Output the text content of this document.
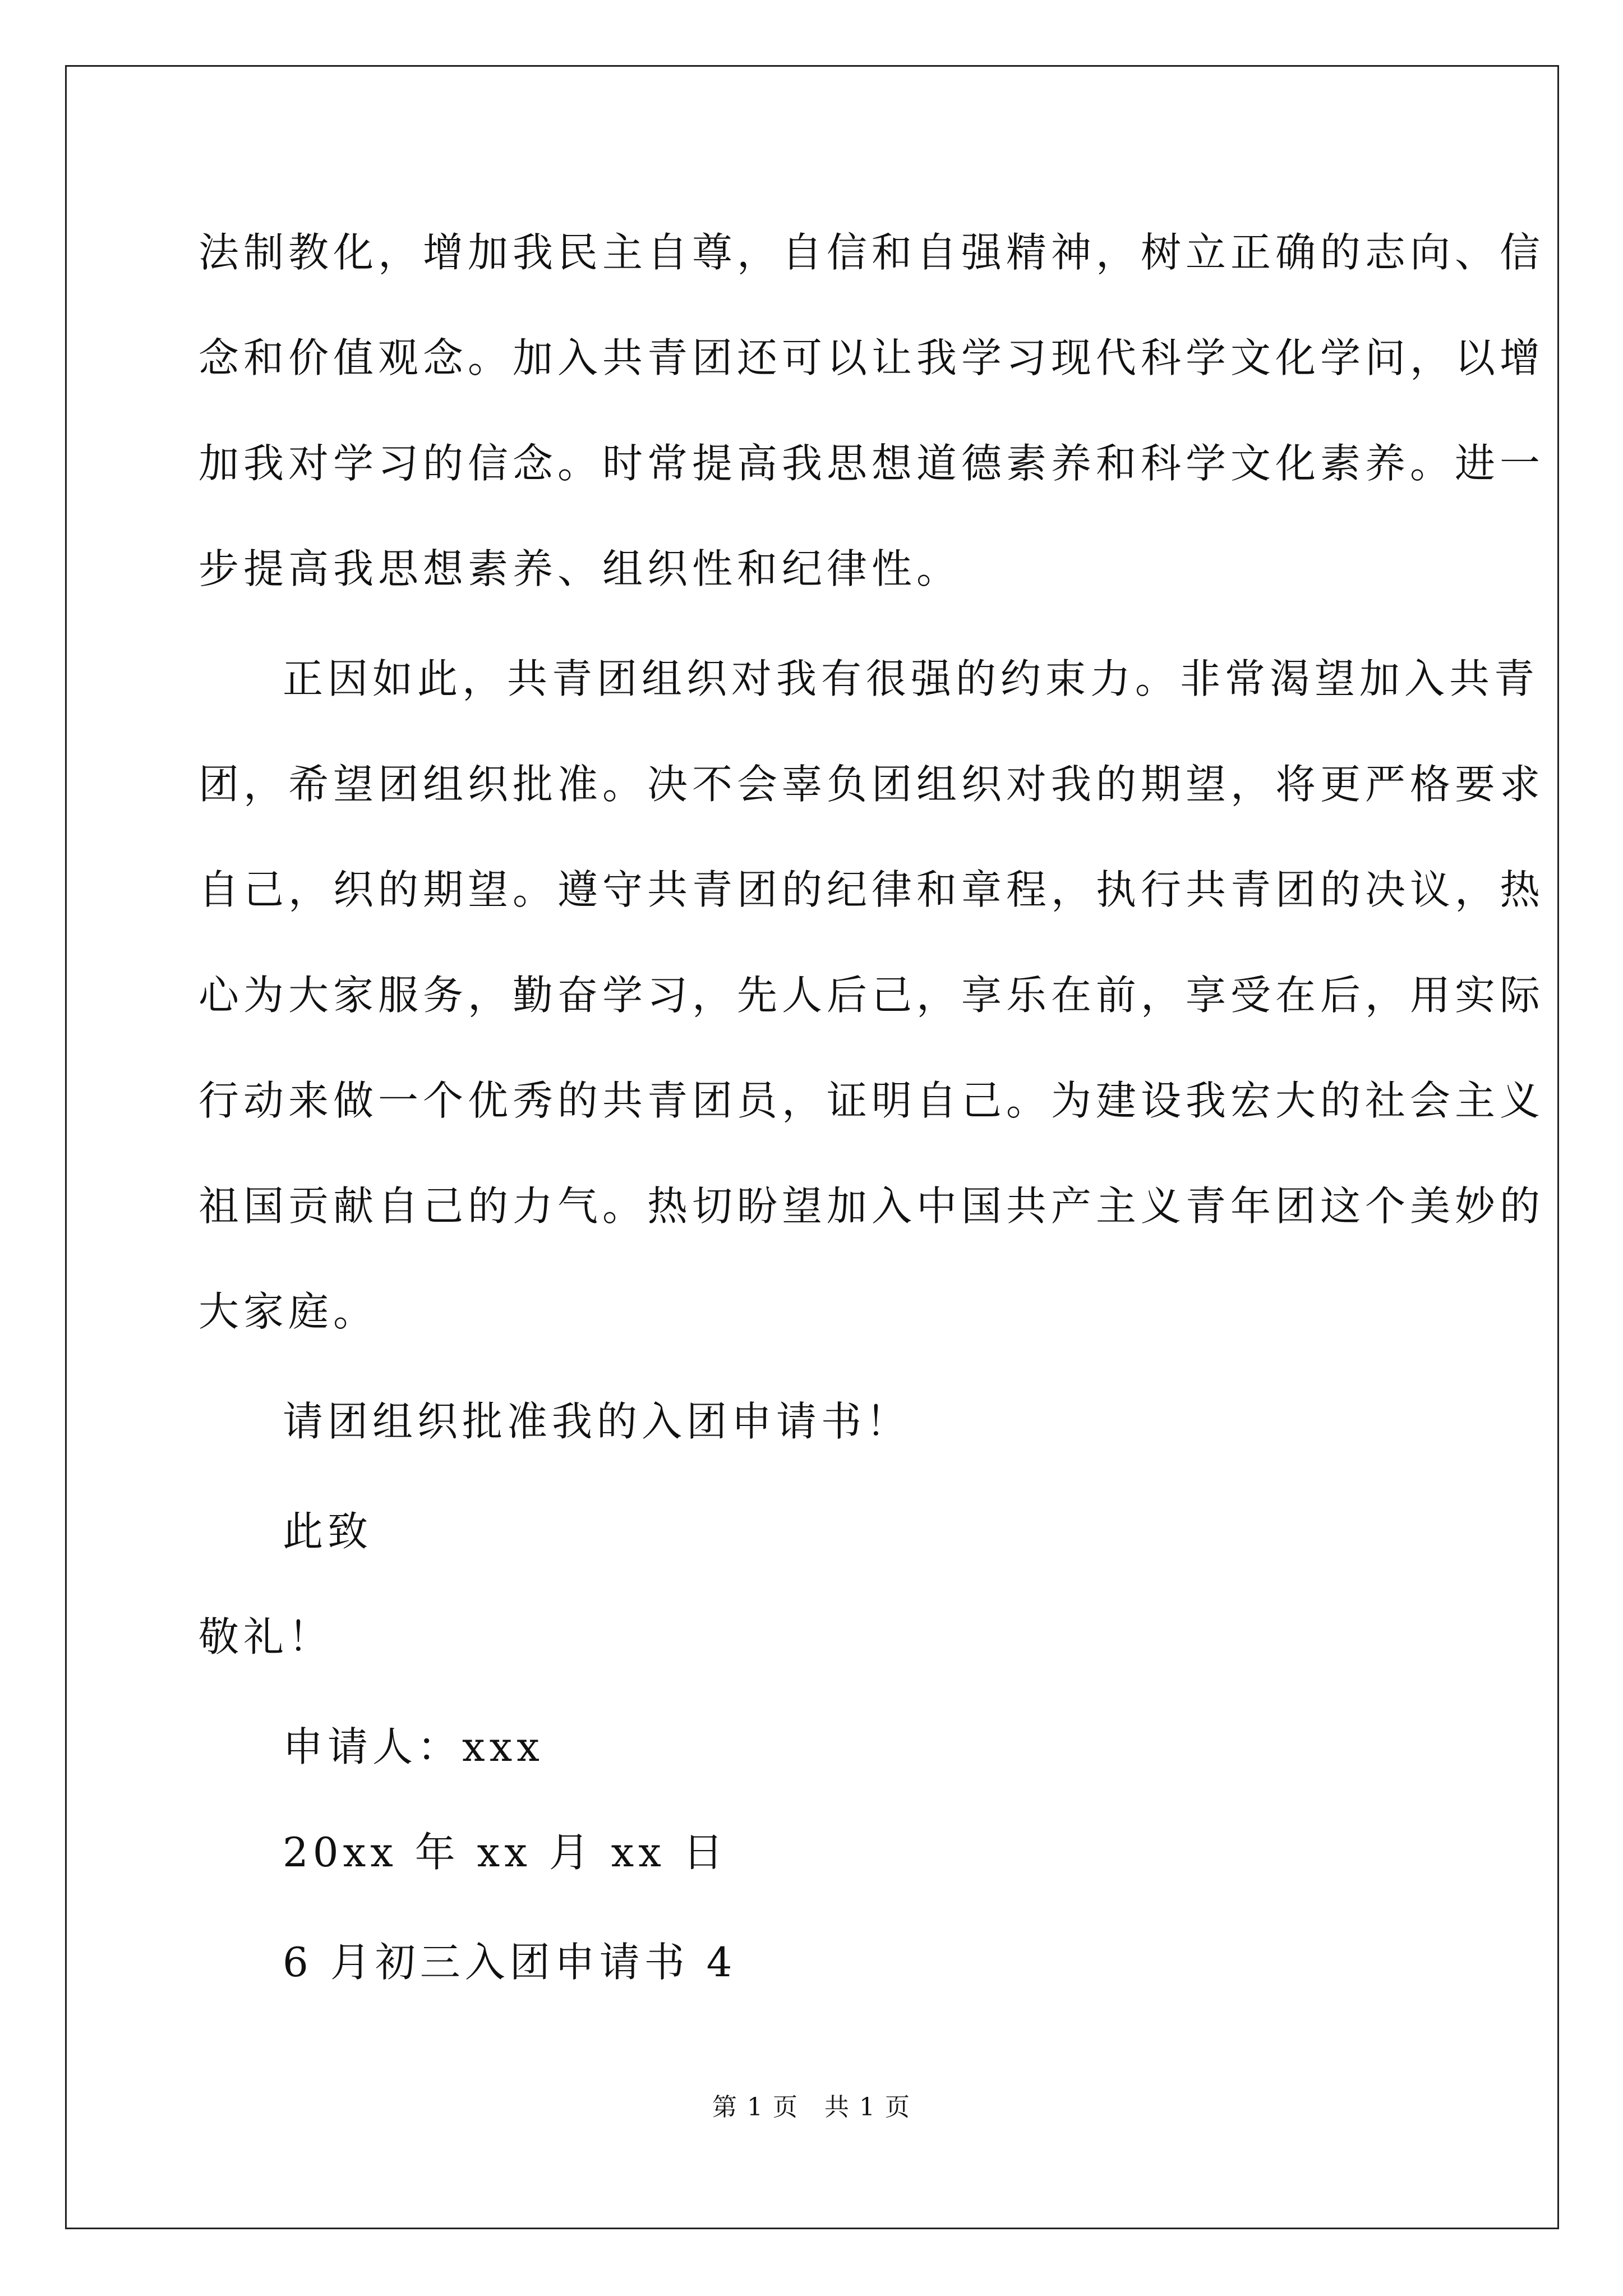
法制教化，增加我民主自尊，自信和自强精神，树立正确的志向、信
念和价值观念。加入共青团还可以让我学习现代科学文化学问，以增
加我对学习的信念。时常提高我思想道德素养和科学文化素养。进一
步提高我思想素养、组织性和纪律性。
正因如此，共青团组织对我有很强的约束力。非常渴望加入共青
团，希望团组织批准。决不会辜负团组织对我的期望，将更严格要求
自己，织的期望。遵守共青团的纪律和章程，执行共青团的决议，热
心为大家服务，勤奋学习，先人后己，享乐在前，享受在后，用实际
行动来做一个优秀的共青团员，证明自己。为建设我宏大的社会主义
祖国贡献自己的力气。热切盼望加入中国共产主义青年团这个美妙的
大家庭。
请团组织批准我的入团申请书！
此致
敬礼！
申请人：xxx
20xx 年 xx 月 xx 日
6 月初三入团申请书 4
第 1 页　共 1 页
